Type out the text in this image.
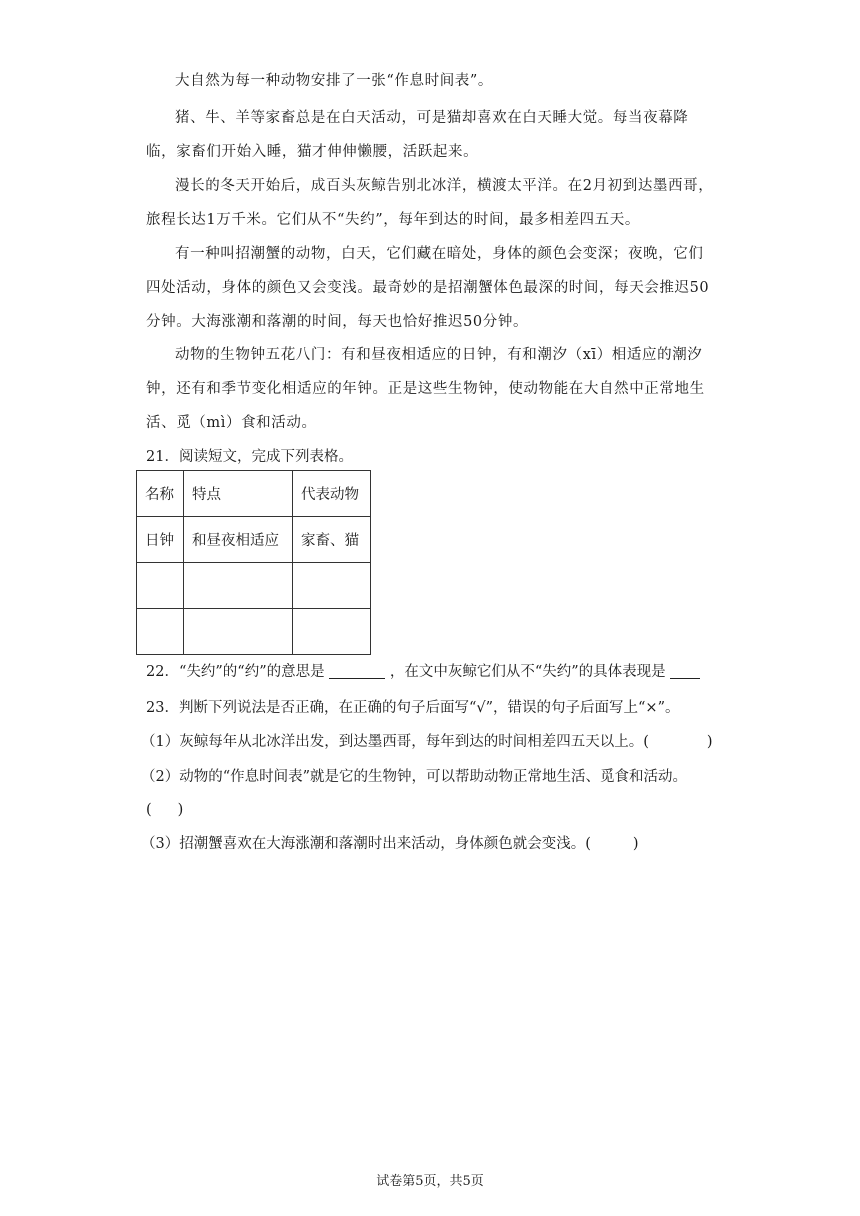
大自然为每一种动物安排了一张“作息时间表”。

猪、牛、羊等家畜总是在白天活动，可是猫却喜欢在白天睡大觉。每当夜幕降临，家畜们开始入睡，猫才伸伸懒腰，活跃起来。

漫长的冬天开始后，成百头灰鲸告别北冰洋，横渡太平洋。在2月初到达墨西哥，旅程长达1万千米。它们从不“失约”，每年到达的时间，最多相差四五天。

有一种叫招潮蟹的动物，白天，它们藏在暗处，身体的颜色会变深；夜晚，它们四处活动，身体的颜色又会变浅。最奇妙的是招潮蟹体色最深的时间，每天会推迟50分钟。大海涨潮和落潮的时间，每天也恰好推迟50分钟。

动物的生物钟五花八门：有和昼夜相适应的日钟，有和潮汐（xī）相适应的潮汐钟，还有和季节变化相适应的年钟。正是这些生物钟，使动物能在大自然中正常地生活、觅（mì）食和活动。

21．阅读短文，完成下列表格。

名称	特点	代表动物
日钟	和昼夜相适应	家畜、猫

22．“失约”的“约”的意思是	，在文中灰鲸它们从不“失约”的具体表现是

23．判断下列说法是否正确，在正确的句子后面写“√”，错误的句子后面写上“×”。

（1）灰鲸每年从北冰洋出发，到达墨西哥，每年到达的时间相差四五天以上。(	)

（2）动物的“作息时间表”就是它的生物钟，可以帮助动物正常地生活、觅食和活动。

( )

（3）招潮蟹喜欢在大海涨潮和落潮时出来活动，身体颜色就会变浅。(	)

试卷第5页，共5页
